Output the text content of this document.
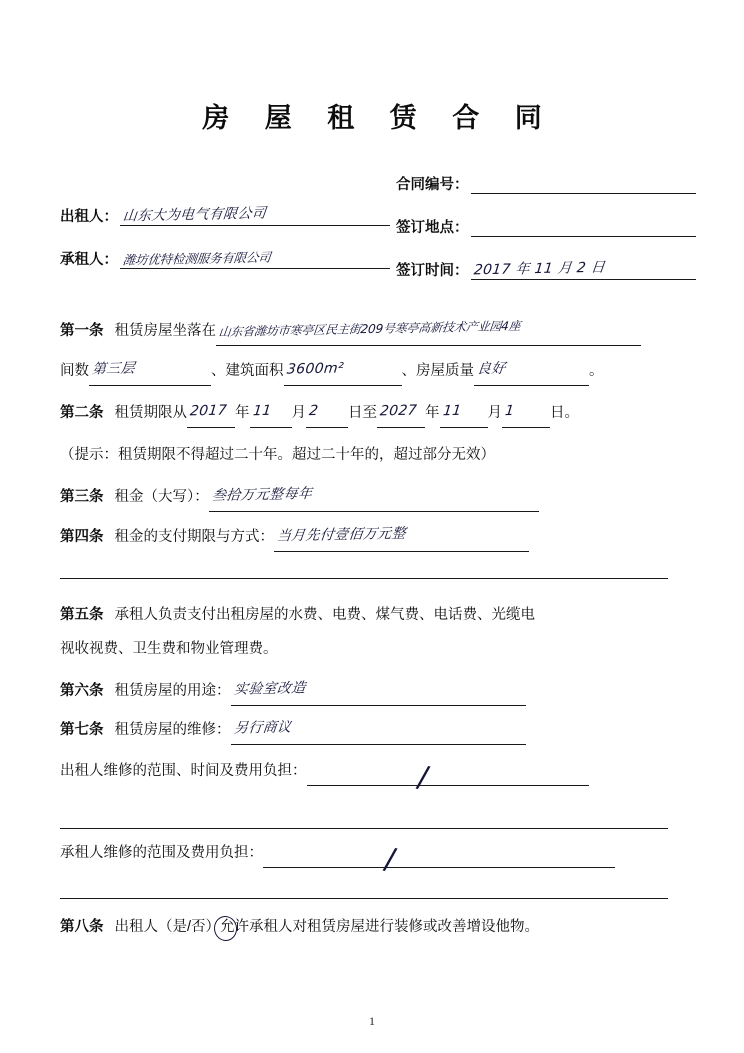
房 屋 租 赁 合 同
出租人： 山东大为电气有限公司
承租人： 潍坊优特检测服务有限公司
合同编号：
签订地点：
签订时间： 2017 年 11 月 2 日
第一条 租赁房屋坐落在 山东省潍坊市寒亭区民主街209号寒亭高新技术产业园4座
间数 第三层	、建筑面积 3600m²	、房屋质量 良好	。
第二条 租赁期限从 2017 年 11 月 2 日至 2027 年 11 月 1 日。
（提示：租赁期限不得超过二十年。超过二十年的，超过部分无效）
第三条 租金（大写）： 叁拾万元整每年
第四条 租金的支付期限与方式： 当月先付壹佰万元整
第五条 承租人负责支付出租房屋的水费、电费、煤气费、电话费、光缆电
视收视费、卫生费和物业管理费。
第六条 租赁房屋的用途： 实验室改造
第七条 租赁房屋的维修： 另行商议
出租人维修的范围、时间及费用负担：	/
承租人维修的范围及费用负担：	/
第八条 出租人（是/否）允许承租人对租赁房屋进行装修或改善增设他物。
1
